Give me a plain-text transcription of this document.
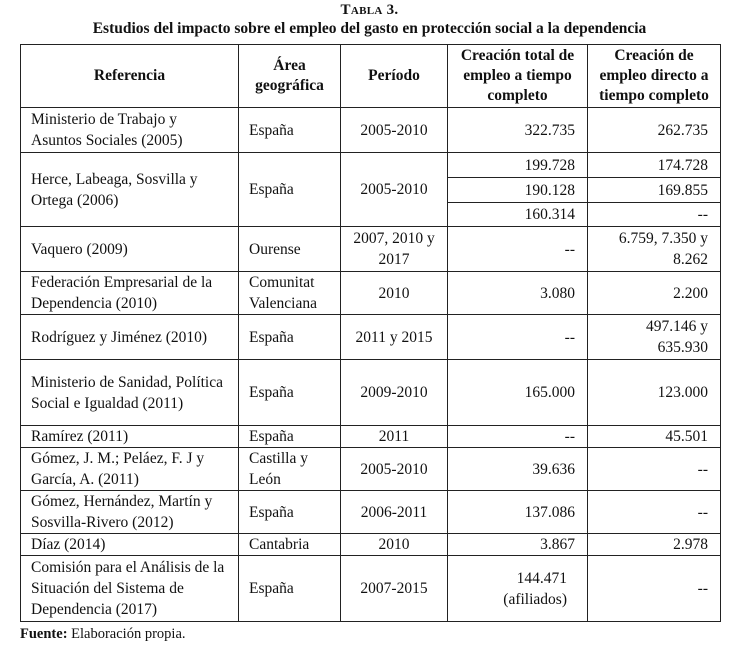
Tabla 3.
Estudios del impacto sobre el empleo del gasto en protección social a la dependencia
Referencia	Área geográfica	Período	Creación total de empleo a tiempo completo	Creación de empleo directo a tiempo completo
Ministerio de Trabajo y Asuntos Sociales (2005)	España	2005-2010	322.735	262.735
Herce, Labeaga, Sosvilla y Ortega (2006)	España	2005-2010	199.728	174.728
			190.128	169.855
			160.314	--
Vaquero (2009)	Ourense	2007, 2010 y 2017	--	6.759, 7.350 y 8.262
Federación Empresarial de la Dependencia (2010)	Comunitat Valenciana	2010	3.080	2.200
Rodríguez y Jiménez (2010)	España	2011 y 2015	--	497.146 y 635.930
Ministerio de Sanidad, Política Social e Igualdad (2011)	España	2009-2010	165.000	123.000
Ramírez (2011)	España	2011	--	45.501
Gómez, J. M.; Peláez, F. J y García, A. (2011)	Castilla y León	2005-2010	39.636	--
Gómez, Hernández, Martín y Sosvilla-Rivero (2012)	España	2006-2011	137.086	--
Díaz (2014)	Cantabria	2010	3.867	2.978
Comisión para el Análisis de la Situación del Sistema de Dependencia (2017)	España	2007-2015	144.471 (afiliados)	--
Fuente: Elaboración propia.
